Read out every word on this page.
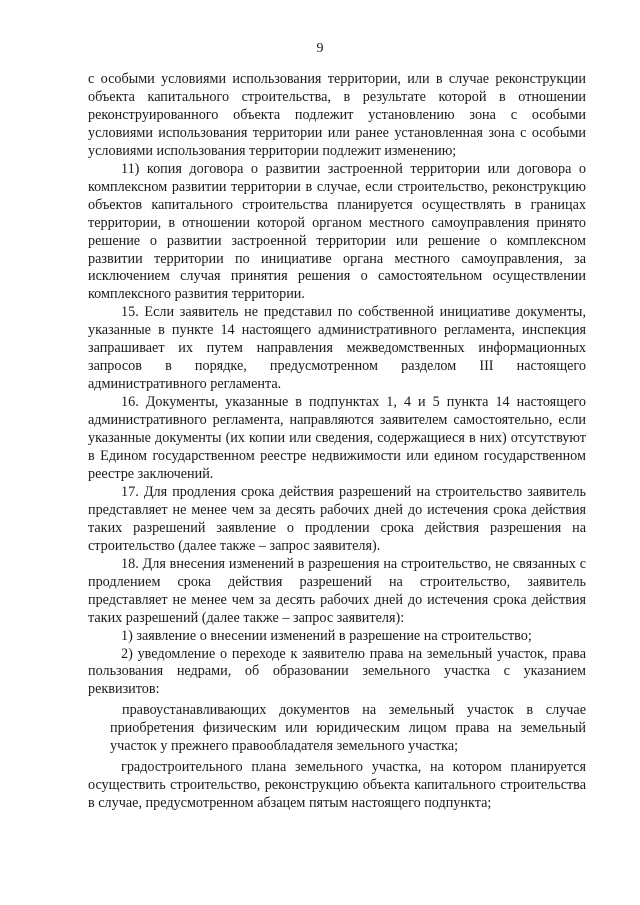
9

с особыми условиями использования территории, или в случае реконструкции объекта капитального строительства, в результате которой в отношении реконструированного объекта подлежит установлению зона с особыми условиями использования территории или ранее установленная зона с особыми условиями использования территории подлежит изменению;

11) копия договора о развитии застроенной территории или договора о комплексном развитии территории в случае, если строительство, реконструкцию объектов капитального строительства планируется осуществлять в границах территории, в отношении которой органом местного самоуправления принято решение о развитии застроенной территории или решение о комплексном развитии территории по инициативе органа местного самоуправления, за исключением случая принятия решения о самостоятельном осуществлении комплексного развития территории.

15. Если заявитель не представил по собственной инициативе документы, указанные в пункте 14 настоящего административного регламента, инспекция запрашивает их путем направления межведомственных информационных запросов в порядке, предусмотренном разделом III настоящего административного регламента.

16. Документы, указанные в подпунктах 1, 4 и 5 пункта 14 настоящего административного регламента, направляются заявителем самостоятельно, если указанные документы (их копии или сведения, содержащиеся в них) отсутствуют в Едином государственном реестре недвижимости или едином государственном реестре заключений.

17. Для продления срока действия разрешений на строительство заявитель представляет не менее чем за десять рабочих дней до истечения срока действия таких разрешений заявление о продлении срока действия разрешения на строительство (далее также – запрос заявителя).

18. Для внесения изменений в разрешения на строительство, не связанных с продлением срока действия разрешений на строительство, заявитель представляет не менее чем за десять рабочих дней до истечения срока действия таких разрешений (далее также – запрос заявителя):

1) заявление о внесении изменений в разрешение на строительство;

2) уведомление о переходе к заявителю права на земельный участок, права пользования недрами, об образовании земельного участка с указанием реквизитов:

правоустанавливающих документов на земельный участок в случае приобретения физическим или юридическим лицом права на земельный участок у прежнего правообладателя земельного участка;

градостроительного плана земельного участка, на котором планируется осуществить строительство, реконструкцию объекта капитального строительства в случае, предусмотренном абзацем пятым настоящего подпункта;
